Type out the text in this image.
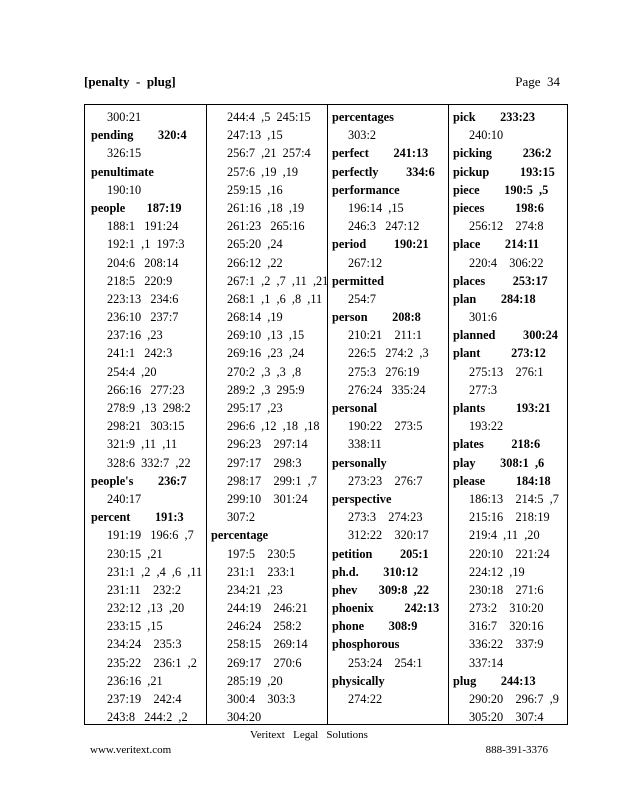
[penalty  -  plug]	Page  34
300:21
pending        320:4
326:15
penultimate
190:10
people       187:19
188:1   191:24
192:1  ,1  197:3
204:6   208:14
218:5   220:9
223:13   234:6
236:10   237:7
237:16  ,23
241:1   242:3
254:4  ,20
266:16   277:23
278:9  ,13  298:2
298:21   303:15
321:9  ,11  ,11
328:6  332:7  ,22
people's        236:7
240:17
percent        191:3
191:19   196:6  ,7
230:15  ,21
231:1  ,2  ,4  ,6  ,11
231:11    232:2
232:12  ,13  ,20
233:15  ,15
234:24    235:3
235:22    236:1  ,2
236:16  ,21
237:19    242:4
243:8   244:2  ,2
244:4  ,5  245:15
247:13  ,15
256:7  ,21  257:4
257:6  ,19  ,19
259:15  ,16
261:16  ,18  ,19
261:23   265:16
265:20  ,24
266:12  ,22
267:1  ,2  ,7  ,11  ,21
268:1  ,1  ,6  ,8  ,11
268:14  ,19
269:10  ,13  ,15
269:16  ,23  ,24
270:2  ,3  ,3  ,8
289:2  ,3  295:9
295:17  ,23
296:6  ,12  ,18  ,18
296:23    297:14
297:17    298:3
298:17    299:1  ,7
299:10    301:24
307:2
percentage
197:5    230:5
231:1    233:1
234:21  ,23
244:19    246:21
246:24    258:2
258:15    269:14
269:17    270:6
285:19  ,20
300:4    303:3
304:20
percentages
303:2
perfect        241:13
perfectly         334:6
performance
196:14  ,15
246:3   247:12
period         190:21
267:12
permitted
254:7
person        208:8
210:21    211:1
226:5   274:2  ,3
275:3   276:19
276:24   335:24
personal
190:22    273:5
338:11
personally
273:23    276:7
perspective
273:3    274:23
312:22    320:17
petition         205:1
ph.d.        310:12
phev       309:8  ,22
phoenix          242:13
phone        308:9
phosphorous
253:24    254:1
physically
274:22
pick        233:23
240:10
picking          236:2
pickup          193:15
piece        190:5  ,5
pieces          198:6
256:12    274:8
place        214:11
220:4    306:22
places         253:17
plan        284:18
301:6
planned         300:24
plant          273:12
275:13    276:1
277:3
plants          193:21
193:22
plates         218:6
play        308:1  ,6
please          184:18
186:13    214:5  ,7
215:16    218:19
219:4  ,11  ,20
220:10    221:24
224:12  ,19
230:18    271:6
273:2    310:20
316:7    320:16
336:22    337:9
337:14
plug        244:13
290:20    296:7  ,9
305:20    307:4
Veritext   Legal   Solutions
www.veritext.com	888-391-3376
